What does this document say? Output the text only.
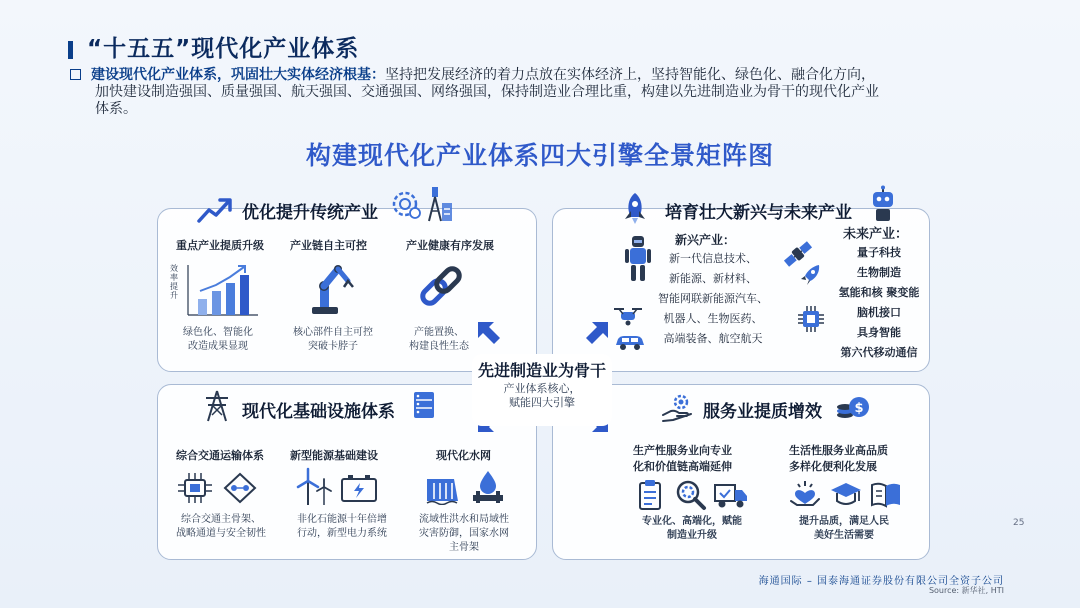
“十五五”现代化产业体系
建设现代化产业体系，巩固壮大实体经济根基：坚持把发展经济的着力点放在实体经济上，坚持智能化、绿色化、融合化方向，
加快建设制造强国、质量强国、航天强国、交通强国、网络强国，保持制造业合理比重，构建以先进制造业为骨干的现代化产业
体系。
构建现代化产业体系四大引擎全景矩阵图
优化提升传统产业
重点产业提质升级 产业链自主可控	产业健康有序发展
效率提升
绿色化、智能化
改造成果显现
核心部件自主可控
突破卡脖子
产能置换、
构建良性生态
培育壮大新兴与未来产业
新兴产业：	未来产业：
新一代信息技术、
新能源、新材料、
智能网联新能源汽车、
机器人、生物医药、
高端装备、航空航天
量子科技
生物制造
氢能和核 聚变能
脑机接口
具身智能
第六代移动通信
现代化基础设施体系
综合交通运输体系 新型能源基础建设	现代化水网
综合交通主骨架、
战略通道与安全韧性
非化石能源十年倍增
行动，新型电力系统
流域性洪水和局域性
灾害防御，国家水网
主骨架
服务业提质增效 $
生产性服务业向专业
化和价值链高端延伸
生活性服务业高品质
多样化便利化发展
专业化、高端化，赋能
制造业升级
提升品质，满足人民
美好生活需要
先进制造业为骨干
产业体系核心，
赋能四大引擎
25
海通国际 – 国泰海通证券股份有限公司全资子公司
Source: 新华社, HTI
